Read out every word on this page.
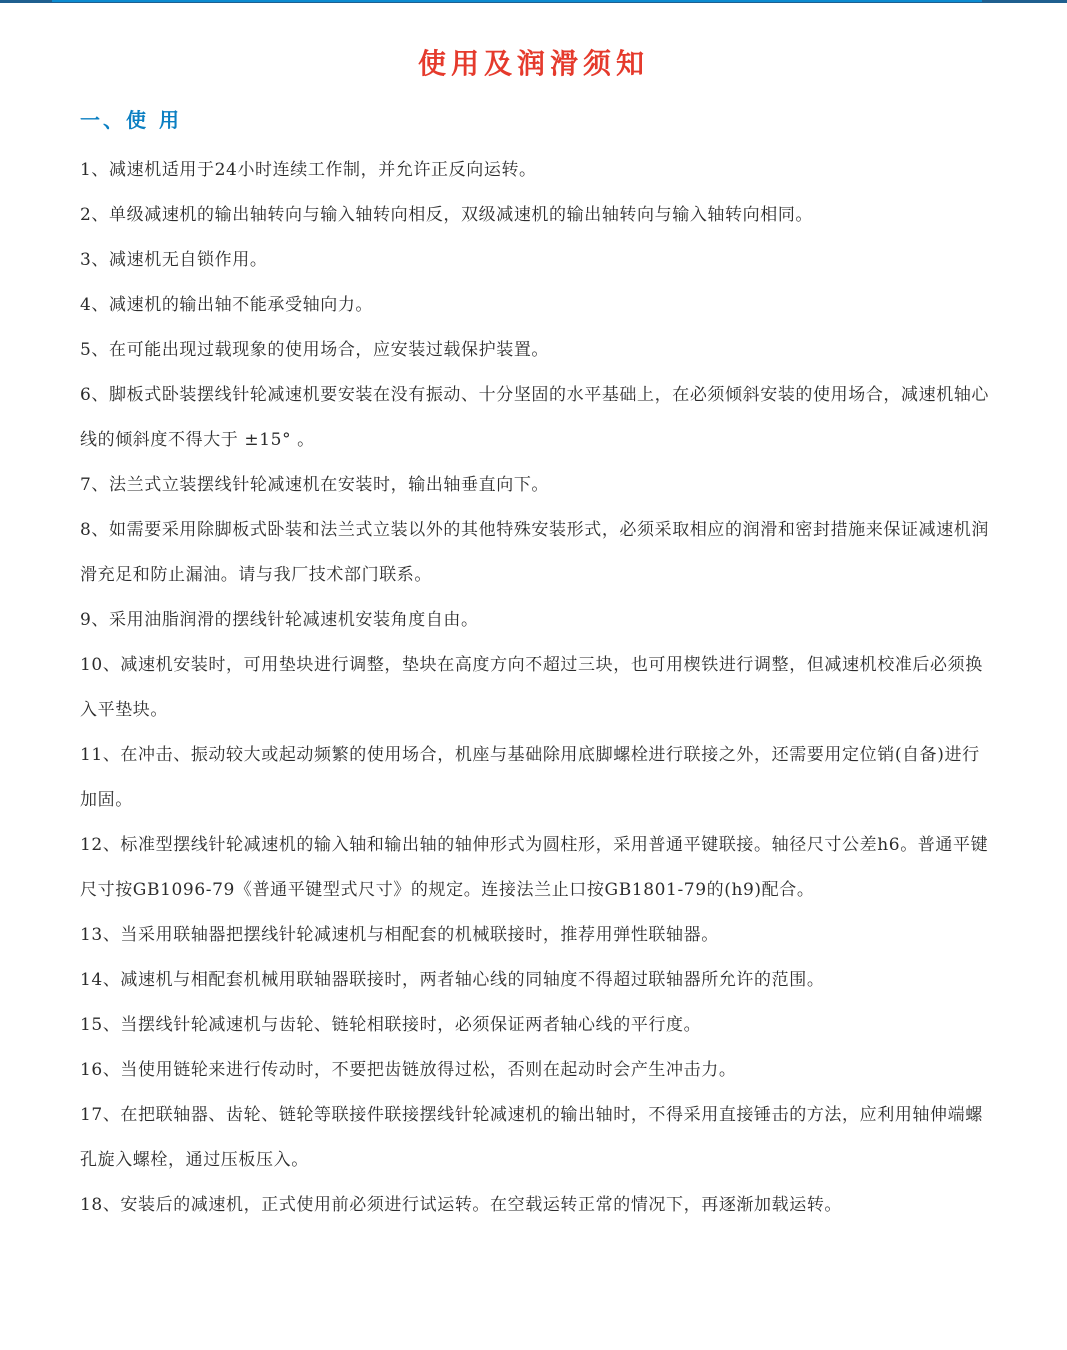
使用及润滑须知
一、使 用
1、减速机适用于24小时连续工作制，并允许正反向运转。
2、单级减速机的输出轴转向与输入轴转向相反，双级减速机的输出轴转向与输入轴转向相同。
3、减速机无自锁作用。
4、减速机的输出轴不能承受轴向力。
5、在可能出现过载现象的使用场合，应安装过载保护装置。
6、脚板式卧装摆线针轮减速机要安装在没有振动、十分坚固的水平基础上，在必须倾斜安装的使用场合，减速机轴心线的倾斜度不得大于 ±15° 。
7、法兰式立装摆线针轮减速机在安装时，输出轴垂直向下。
8、如需要采用除脚板式卧装和法兰式立装以外的其他特殊安装形式，必须采取相应的润滑和密封措施来保证减速机润滑充足和防止漏油。请与我厂技术部门联系。
9、采用油脂润滑的摆线针轮减速机安装角度自由。
10、减速机安装时，可用垫块进行调整，垫块在高度方向不超过三块，也可用楔铁进行调整，但减速机校准后必须换入平垫块。
11、在冲击、振动较大或起动频繁的使用场合，机座与基础除用底脚螺栓进行联接之外，还需要用定位销(自备)进行加固。
12、标准型摆线针轮减速机的输入轴和输出轴的轴伸形式为圆柱形，采用普通平键联接。轴径尺寸公差h6。普通平键尺寸按GB1096-79《普通平键型式尺寸》的规定。连接法兰止口按GB1801-79的(h9)配合。
13、当采用联轴器把摆线针轮减速机与相配套的机械联接时，推荐用弹性联轴器。
14、减速机与相配套机械用联轴器联接时，两者轴心线的同轴度不得超过联轴器所允许的范围。
15、当摆线针轮减速机与齿轮、链轮相联接时，必须保证两者轴心线的平行度。
16、当使用链轮来进行传动时，不要把齿链放得过松，否则在起动时会产生冲击力。
17、在把联轴器、齿轮、链轮等联接件联接摆线针轮减速机的输出轴时，不得采用直接锤击的方法，应利用轴伸端螺孔旋入螺栓，通过压板压入。
18、安装后的减速机，正式使用前必须进行试运转。在空载运转正常的情况下，再逐渐加载运转。
